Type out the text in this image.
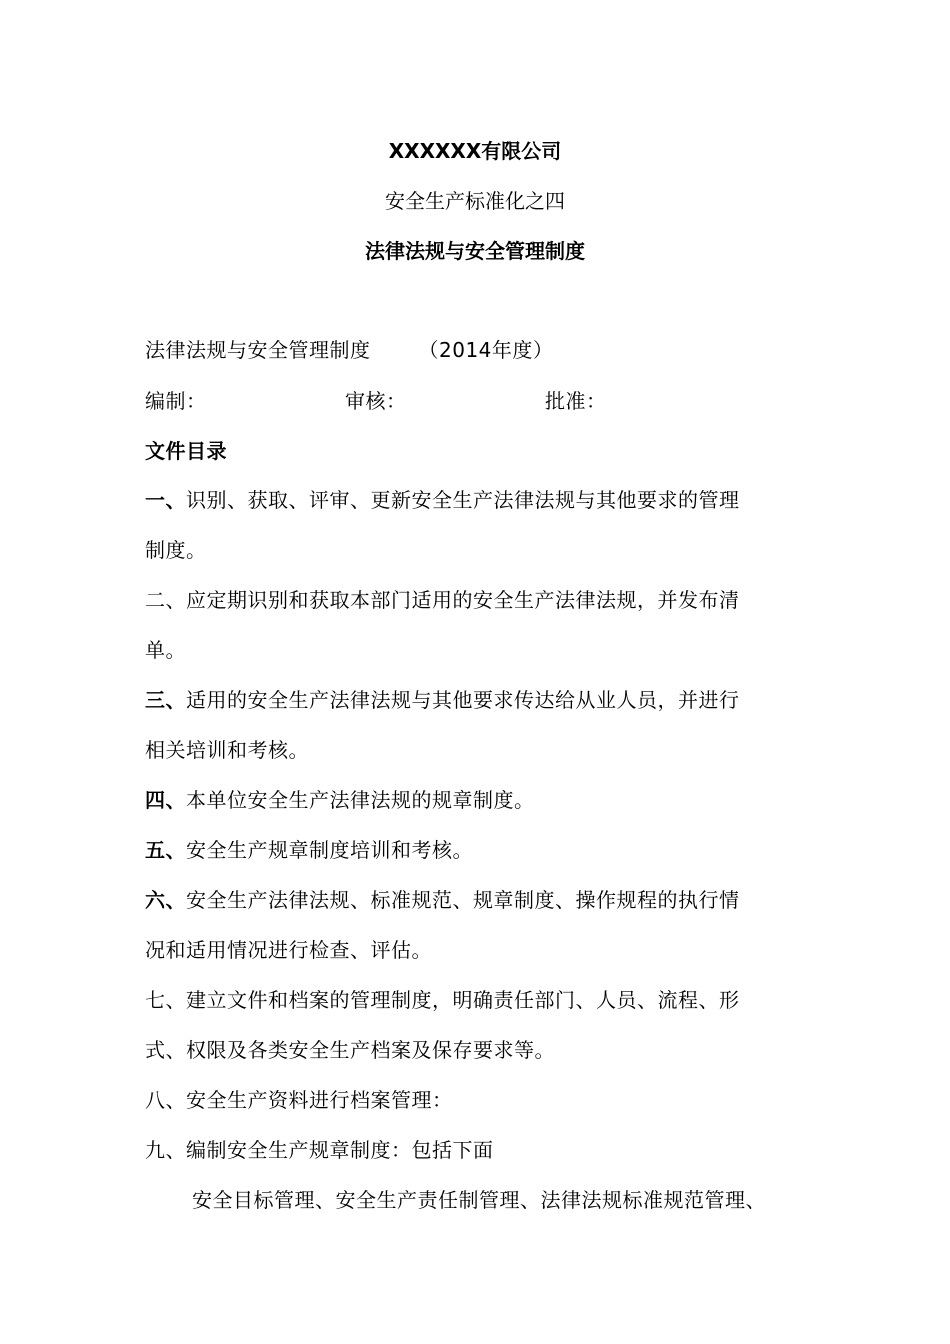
XXXXXX有限公司
安全生产标准化之四
法律法规与安全管理制度
法律法规与安全管理制度 （2014年度）
编制：	审核：	批准：
文件目录
一、识别、获取、评审、更新安全生产法律法规与其他要求的管理
制度。
二、应定期识别和获取本部门适用的安全生产法律法规，并发布清
单。
三、适用的安全生产法律法规与其他要求传达给从业人员，并进行
相关培训和考核。
四、本单位安全生产法律法规的规章制度。
五、安全生产规章制度培训和考核。
六、安全生产法律法规、标准规范、规章制度、操作规程的执行情
况和适用情况进行检查、评估。
七、建立文件和档案的管理制度，明确责任部门、人员、流程、形
式、权限及各类安全生产档案及保存要求等。
八、安全生产资料进行档案管理：
九、编制安全生产规章制度：包括下面
安全目标管理、安全生产责任制管理、法律法规标准规范管理、
